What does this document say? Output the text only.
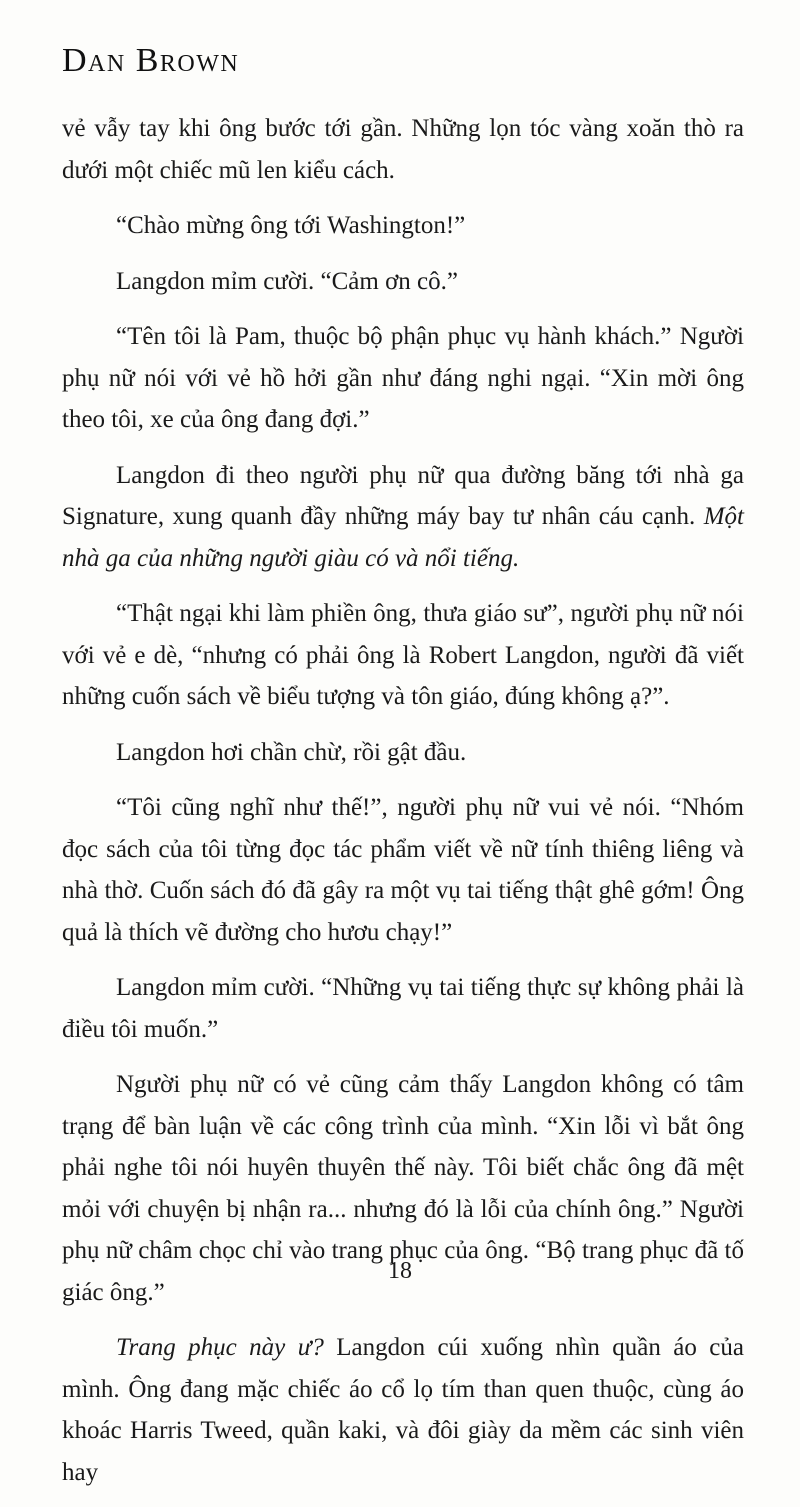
Dan Brown

vẻ vẫy tay khi ông bước tới gần. Những lọn tóc vàng xoăn thò ra dưới một chiếc mũ len kiểu cách.

“Chào mừng ông tới Washington!”

Langdon mỉm cười. “Cảm ơn cô.”

“Tên tôi là Pam, thuộc bộ phận phục vụ hành khách.” Người phụ nữ nói với vẻ hồ hởi gần như đáng nghi ngại. “Xin mời ông theo tôi, xe của ông đang đợi.”

Langdon đi theo người phụ nữ qua đường băng tới nhà ga Signature, xung quanh đầy những máy bay tư nhân cáu cạnh. Một nhà ga của những người giàu có và nổi tiếng.

“Thật ngại khi làm phiền ông, thưa giáo sư”, người phụ nữ nói với vẻ e dè, “nhưng có phải ông là Robert Langdon, người đã viết những cuốn sách về biểu tượng và tôn giáo, đúng không ạ?”.

Langdon hơi chần chừ, rồi gật đầu.

“Tôi cũng nghĩ như thế!”, người phụ nữ vui vẻ nói. “Nhóm đọc sách của tôi từng đọc tác phẩm viết về nữ tính thiêng liêng và nhà thờ. Cuốn sách đó đã gây ra một vụ tai tiếng thật ghê gớm! Ông quả là thích vẽ đường cho hươu chạy!”

Langdon mỉm cười. “Những vụ tai tiếng thực sự không phải là điều tôi muốn.”

Người phụ nữ có vẻ cũng cảm thấy Langdon không có tâm trạng để bàn luận về các công trình của mình. “Xin lỗi vì bắt ông phải nghe tôi nói huyên thuyên thế này. Tôi biết chắc ông đã mệt mỏi với chuyện bị nhận ra... nhưng đó là lỗi của chính ông.” Người phụ nữ châm chọc chỉ vào trang phục của ông. “Bộ trang phục đã tố giác ông.”

Trang phục này ư? Langdon cúi xuống nhìn quần áo của mình. Ông đang mặc chiếc áo cổ lọ tím than quen thuộc, cùng áo khoác Harris Tweed, quần kaki, và đôi giày da mềm các sinh viên hay

18
